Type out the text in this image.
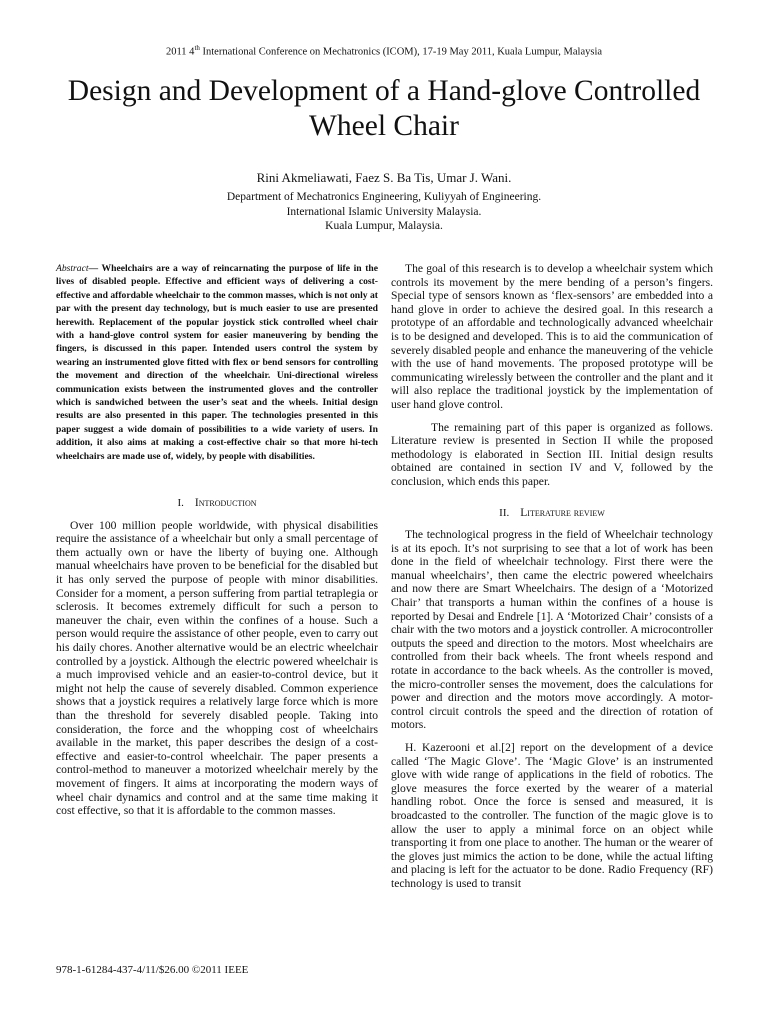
2011 4th International Conference on Mechatronics (ICOM), 17-19 May 2011, Kuala Lumpur, Malaysia
Design and Development of a Hand-glove Controlled Wheel Chair
Rini Akmeliawati, Faez S. Ba Tis, Umar J. Wani.
Department of Mechatronics Engineering, Kuliyyah of Engineering.
International Islamic University Malaysia.
Kuala Lumpur, Malaysia.

Abstract— Wheelchairs are a way of reincarnating the purpose of life in the lives of disabled people. Effective and efficient ways of delivering a cost-effective and affordable wheelchair to the common masses, which is not only at par with the present day technology, but is much easier to use are presented herewith. Replacement of the popular joystick stick controlled wheel chair with a hand-glove control system for easier maneuvering by bending the fingers, is discussed in this paper. Intended users control the system by wearing an instrumented glove fitted with flex or bend sensors for controlling the movement and direction of the wheelchair. Uni-directional wireless communication exists between the instrumented gloves and the controller which is sandwiched between the user’s seat and the wheels. Initial design results are also presented in this paper. The technologies presented in this paper suggest a wide domain of possibilities to a wide variety of users. In addition, it also aims at making a cost-effective chair so that more hi-tech wheelchairs are made use of, widely, by people with disabilities.

I. Introduction

Over 100 million people worldwide, with physical disabilities require the assistance of a wheelchair but only a small percentage of them actually own or have the liberty of buying one. Although manual wheelchairs have proven to be beneficial for the disabled but it has only served the purpose of people with minor disabilities. Consider for a moment, a person suffering from partial tetraplegia or sclerosis. It becomes extremely difficult for such a person to maneuver the chair, even within the confines of a house. Such a person would require the assistance of other people, even to carry out his daily chores. Another alternative would be an electric wheelchair controlled by a joystick. Although the electric powered wheelchair is a much improvised vehicle and an easier-to-control device, but it might not help the cause of severely disabled. Common experience shows that a joystick requires a relatively large force which is more than the threshold for severely disabled people. Taking into consideration, the force and the whopping cost of wheelchairs available in the market, this paper describes the design of a cost-effective and easier-to-control wheelchair. The paper presents a control-method to maneuver a motorized wheelchair merely by the movement of fingers. It aims at incorporating the modern ways of wheel chair dynamics and control and at the same time making it cost effective, so that it is affordable to the common masses.

The goal of this research is to develop a wheelchair system which controls its movement by the mere bending of a person’s fingers. Special type of sensors known as ‘flex-sensors’ are embedded into a hand glove in order to achieve the desired goal. In this research a prototype of an affordable and technologically advanced wheelchair is to be designed and developed. This is to aid the communication of severely disabled people and enhance the maneuvering of the vehicle with the use of hand movements. The proposed prototype will be communicating wirelessly between the controller and the plant and it will also replace the traditional joystick by the implementation of user hand glove control.

The remaining part of this paper is organized as follows. Literature review is presented in Section II while the proposed methodology is elaborated in Section III. Initial design results obtained are contained in section IV and V, followed by the conclusion, which ends this paper.

II. Literature review

The technological progress in the field of Wheelchair technology is at its epoch. It’s not surprising to see that a lot of work has been done in the field of wheelchair technology. First there were the manual wheelchairs’, then came the electric powered wheelchairs and now there are Smart Wheelchairs. The design of a ‘Motorized Chair’ that transports a human within the confines of a house is reported by Desai and Endrele [1]. A ‘Motorized Chair’ consists of a chair with the two motors and a joystick controller. A microcontroller outputs the speed and direction to the motors. Most wheelchairs are controlled from their back wheels. The front wheels respond and rotate in accordance to the back wheels. As the controller is moved, the micro-controller senses the movement, does the calculations for power and direction and the motors move accordingly. A motor-control circuit controls the speed and the direction of rotation of motors.

H. Kazerooni et al.[2] report on the development of a device called ‘The Magic Glove’. The ‘Magic Glove’ is an instrumented glove with wide range of applications in the field of robotics. The glove measures the force exerted by the wearer of a material handling robot. Once the force is sensed and measured, it is broadcasted to the controller. The function of the magic glove is to allow the user to apply a minimal force on an object while transporting it from one place to another. The human or the wearer of the gloves just mimics the action to be done, while the actual lifting and placing is left for the actuator to be done. Radio Frequency (RF) technology is used to transit

978-1-61284-437-4/11/$26.00 ©2011 IEEE
